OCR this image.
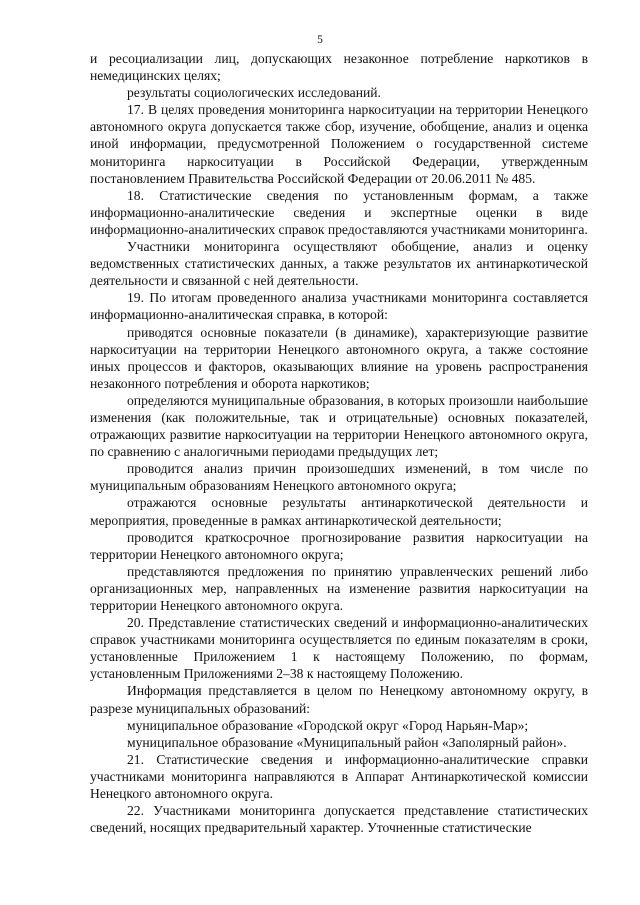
5

и ресоциализации лиц, допускающих незаконное потребление наркотиков в немедицинских целях;

результаты социологических исследований.

17. В целях проведения мониторинга наркоситуации на территории Ненецкого автономного округа допускается также сбор, изучение, обобщение, анализ и оценка иной информации, предусмотренной Положением о государственной системе мониторинга наркоситуации в Российской Федерации, утвержденным постановлением Правительства Российской Федерации от 20.06.2011 № 485.

18. Статистические сведения по установленным формам, а также информационно-аналитические сведения и экспертные оценки в виде информационно-аналитических справок предоставляются участниками мониторинга.

Участники мониторинга осуществляют обобщение, анализ и оценку ведомственных статистических данных, а также результатов их антинаркотической деятельности и связанной с ней деятельности.

19. По итогам проведенного анализа участниками мониторинга составляется информационно-аналитическая справка, в которой:

приводятся основные показатели (в динамике), характеризующие развитие наркоситуации на территории Ненецкого автономного округа, а также состояние иных процессов и факторов, оказывающих влияние на уровень распространения незаконного потребления и оборота наркотиков;

определяются муниципальные образования, в которых произошли наибольшие изменения (как положительные, так и отрицательные) основных показателей, отражающих развитие наркоситуации на территории Ненецкого автономного округа, по сравнению с аналогичными периодами предыдущих лет;

проводится анализ причин произошедших изменений, в том числе по муниципальным образованиям Ненецкого автономного округа;

отражаются основные результаты антинаркотической деятельности и мероприятия, проведенные в рамках антинаркотической деятельности;

проводится краткосрочное прогнозирование развития наркоситуации на территории Ненецкого автономного округа;

представляются предложения по принятию управленческих решений либо организационных мер, направленных на изменение развития наркоситуации на территории Ненецкого автономного округа.

20. Представление статистических сведений и информационно-аналитических справок участниками мониторинга осуществляется по единым показателям в сроки, установленные Приложением 1 к настоящему Положению, по формам, установленным Приложениями 2–38 к настоящему Положению.

Информация представляется в целом по Ненецкому автономному округу, в разрезе муниципальных образований:

муниципальное образование «Городской округ «Город Нарьян-Мар»;

муниципальное образование «Муниципальный район «Заполярный район».

21. Статистические сведения и информационно-аналитические справки участниками мониторинга направляются в Аппарат Антинаркотической комиссии Ненецкого автономного округа.

22. Участниками мониторинга допускается представление статистических сведений, носящих предварительный характер. Уточненные статистические
